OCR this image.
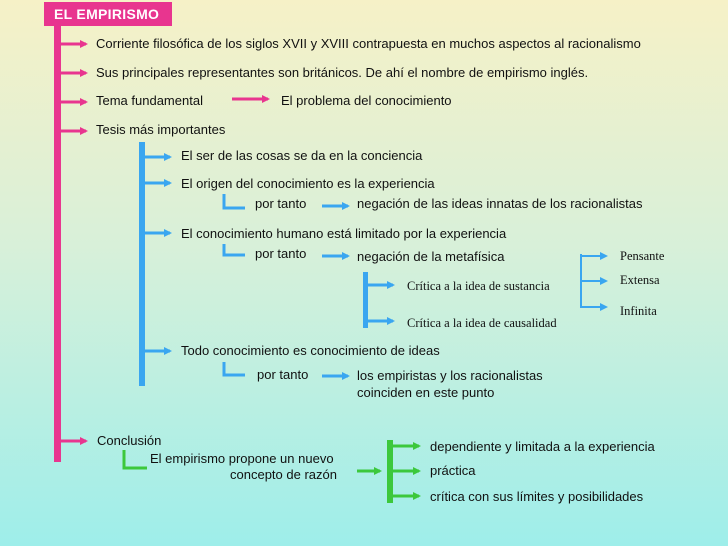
EL EMPIRISMO
Corriente filosófica de los siglos XVII y XVIII contrapuesta en muchos aspectos al racionalismo
Sus principales representantes son británicos. De ahí el nombre de empirismo inglés.
Tema fundamental	El problema del conocimiento
Tesis más importantes
El ser de las cosas se da en la conciencia
El origen del conocimiento es la experiencia
por tanto	negación de las ideas innatas de los racionalistas
El conocimiento humano está limitado por la experiencia
por tanto	negación de la metafísica
Crítica a la idea de sustancia
Crítica a la idea de causalidad
Pensante
Extensa
Infinita
Todo conocimiento es conocimiento de ideas
por tanto	los empiristas y los racionalistas
coinciden en este punto
Conclusión
El empirismo propone un nuevo
concepto de razón
dependiente y limitada a la experiencia
práctica
crítica con sus límites y posibilidades
